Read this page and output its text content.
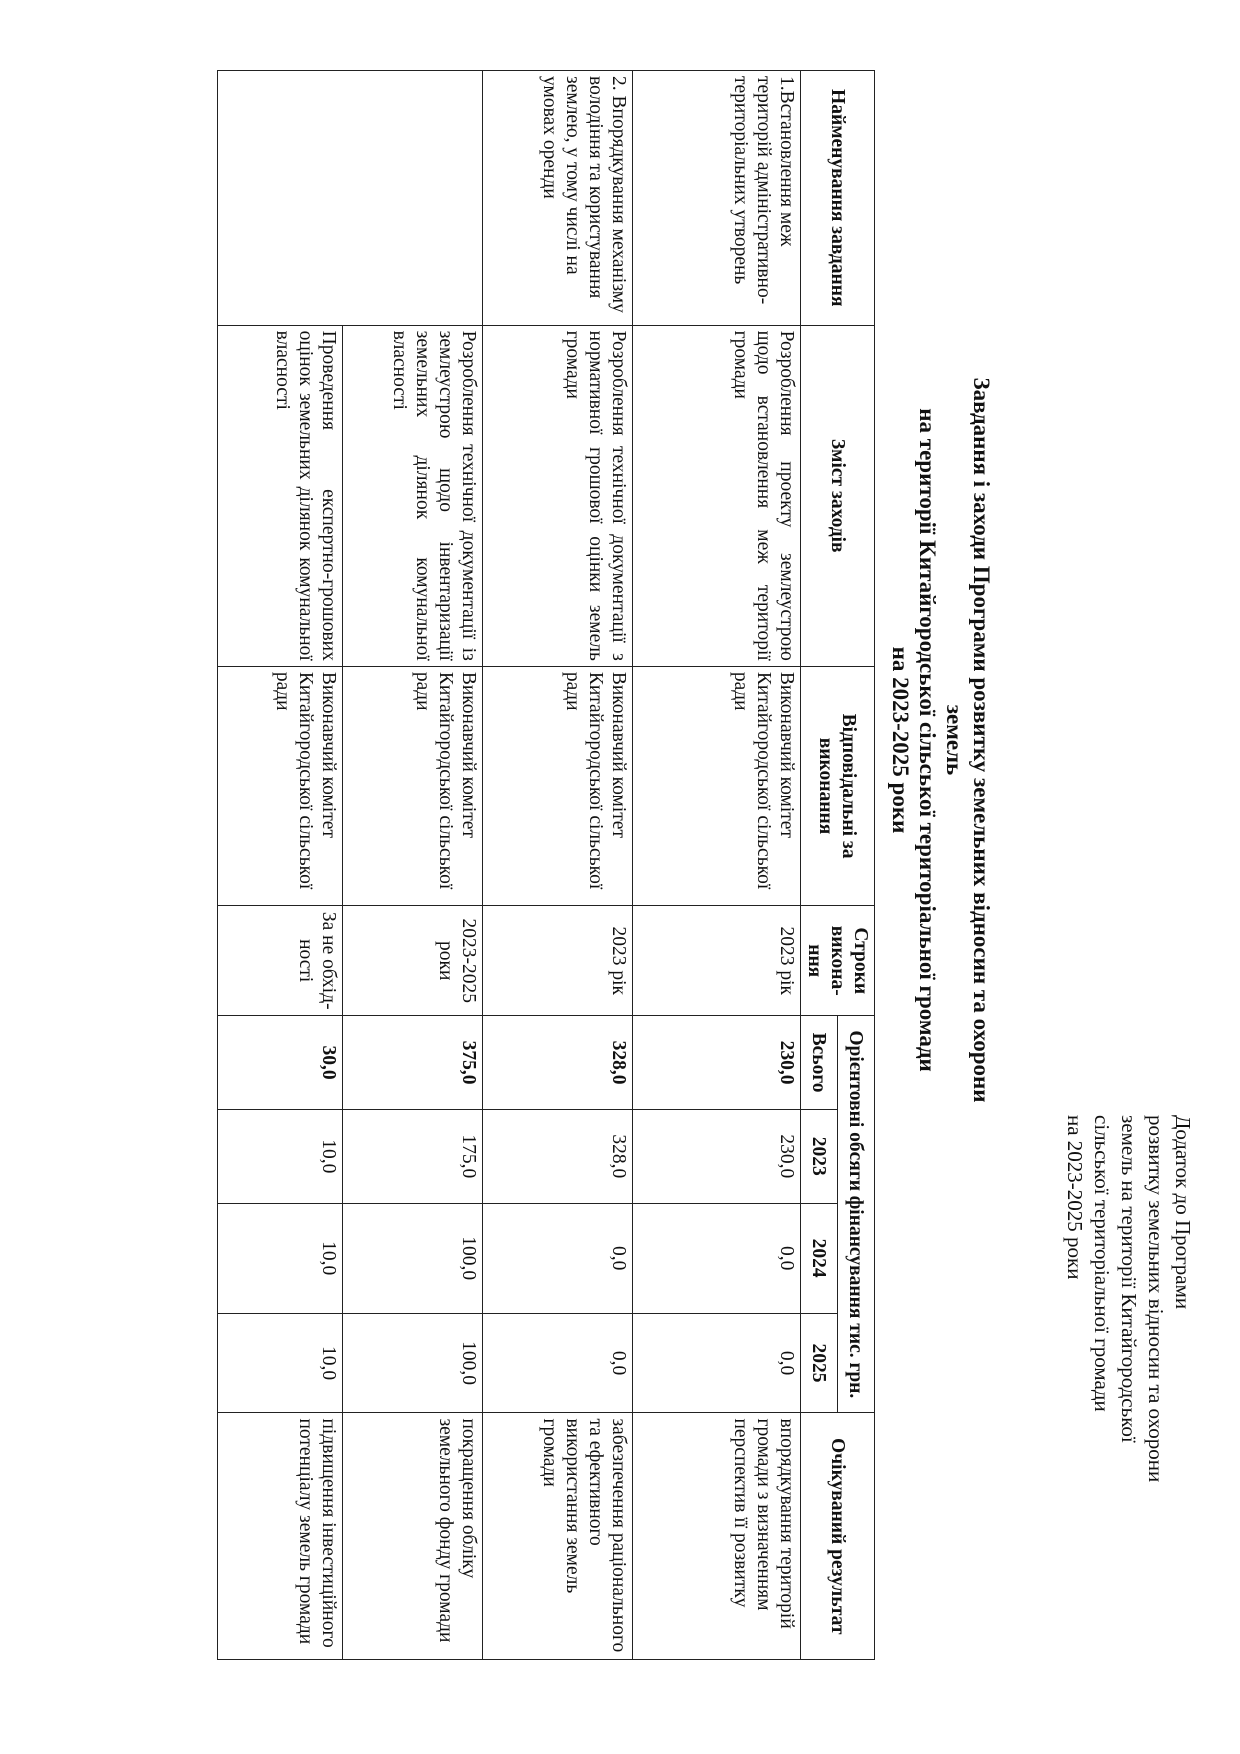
Додаток до Програми
розвитку земельних відносин та охорони
земель на території Китайгородської
сільської територіальної громади
на 2023-2025 роки
Завдання і заходи Програми розвитку земельних відносин та охорони земель
на території Китайгородської сільської територіальної громади
на 2023-2025 роки
Найменування завдання	Зміст заходів	Відповідальні за виконання	Строки викона-ння	Орієнтовні обсяги фінансування тис. грн.				Очікуваний результат
				Всього	2023	2024	2025	
1.Встановлення меж територій адміністративно-територіальних утворень	Розроблення проекту землеустрою щодо встановлення меж території громади	Виконавчий комітет Китайгородської сільської ради	2023 рік	230,0	230,0	0,0	0,0	впорядкування територій громади з визначенням перспектив її розвитку
2. Впорядкування механізму володіння та користування землею, у тому числі на умовах оренди	Розроблення технічної документації з нормативної грошової оцінки земель громади	Виконавчий комітет Китайгородської сільської ради	2023 рік	328,0	328,0	0,0	0,0	забезпечення раціонального та ефективного використання земель громади
	Розроблення технічної документації із землеустрою щодо інвентаризації земельних ділянок комунальної власності	Виконавчий комітет Китайгородської сільської ради	2023-2025 роки	375,0	175,0	100,0	100,0	покращення обліку земельного фонду громади
	Проведення експертно-грошових оцінок земельних ділянок комунальної власності	Виконавчий комітет Китайгородської сільської ради	За не обхід-ності	30,0	10,0	10,0	10,0	підвищення інвестиційного потенціалу земель громади
